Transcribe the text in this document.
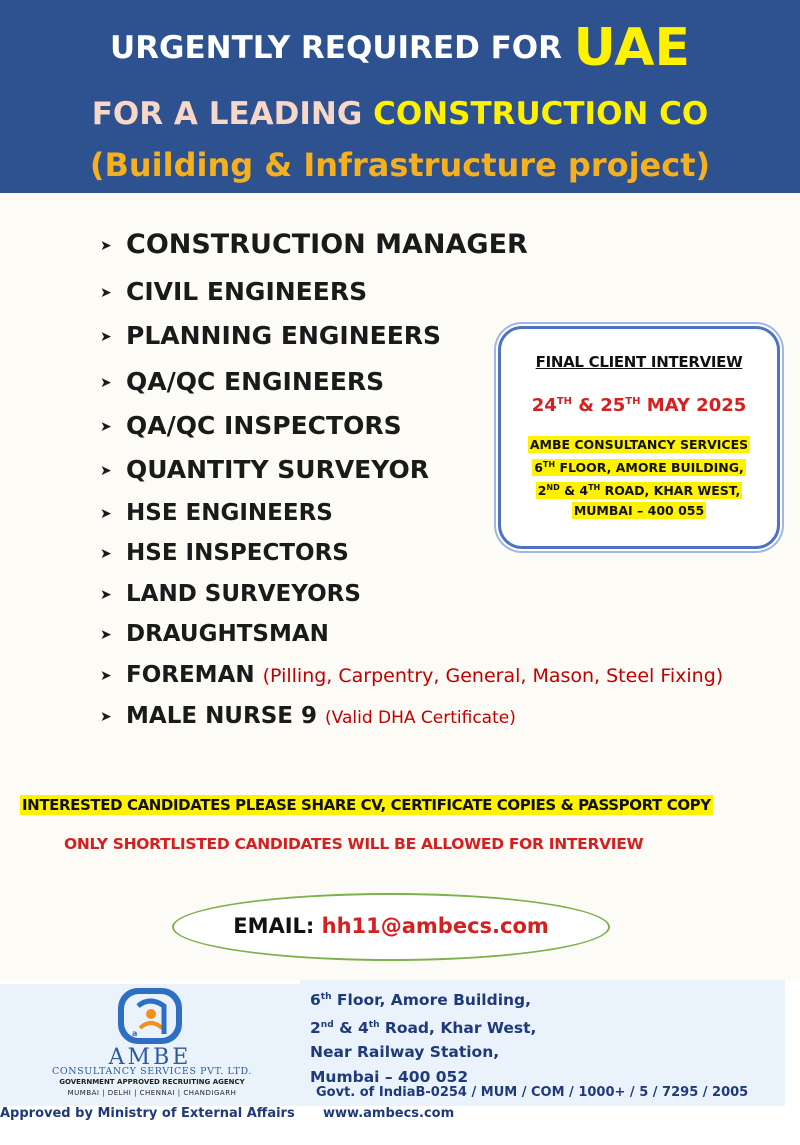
URGENTLY REQUIRED FOR UAE
FOR A LEADING CONSTRUCTION CO
(Building & Infrastructure project)
➤ CONSTRUCTION MANAGER
➤ CIVIL ENGINEERS
➤ PLANNING ENGINEERS
➤ QA/QC ENGINEERS
➤ QA/QC INSPECTORS
➤ QUANTITY SURVEYOR
➤ HSE ENGINEERS
➤ HSE INSPECTORS
➤ LAND SURVEYORS
➤ DRAUGHTSMAN
➤ FOREMAN (Pilling, Carpentry, General, Mason, Steel Fixing)
➤ MALE NURSE 9 (Valid DHA Certificate)
FINAL CLIENT INTERVIEW
24TH & 25TH MAY 2025
AMBE CONSULTANCY SERVICES
6TH FLOOR, AMORE BUILDING,
2ND & 4TH ROAD, KHAR WEST,
MUMBAI – 400 055
INTERESTED CANDIDATES PLEASE SHARE CV, CERTIFICATE COPIES & PASSPORT COPY
ONLY SHORTLISTED CANDIDATES WILL BE ALLOWED FOR INTERVIEW
EMAIL: hh11@ambecs.com
a
AMBE
CONSULTANCY SERVICES PVT. LTD.
GOVERNMENT APPROVED RECRUITING AGENCY
MUMBAI | DELHI | CHENNAI | CHANDIGARH
Approved by Ministry of External Affairs
6th Floor, Amore Building,
2nd & 4th Road, Khar West,
Near Railway Station,
Mumbai – 400 052
Govt. of IndiaB-0254 / MUM / COM / 1000+ / 5 / 7295 / 2005
www.ambecs.com
